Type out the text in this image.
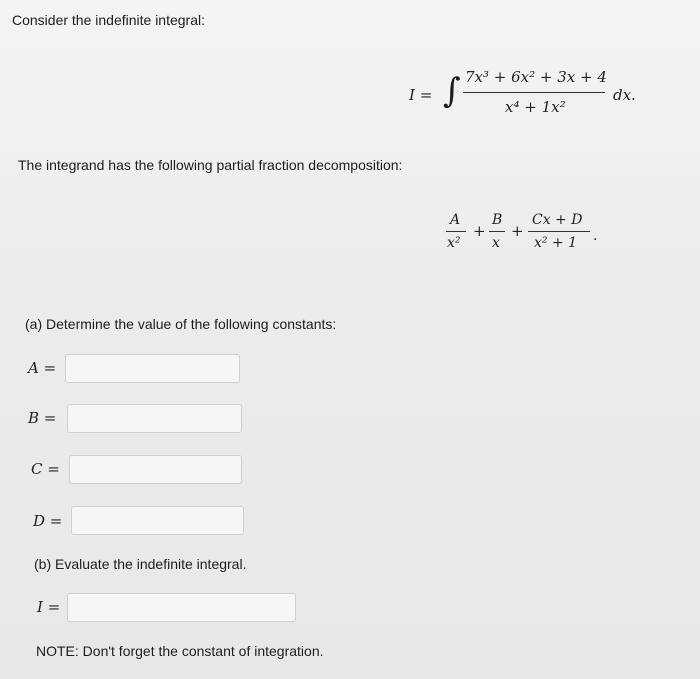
Consider the indefinite integral:
I = ∫ 7x³ + 6x² + 3x + 4
x⁴ + 1x²
dx.
The integrand has the following partial fraction decomposition:
A
x²
+
B
x
+
Cx + D
x² + 1 .
(a) Determine the value of the following constants:
A =
B =
C =
D =
(b) Evaluate the indefinite integral.
I =
NOTE: Don't forget the constant of integration.
